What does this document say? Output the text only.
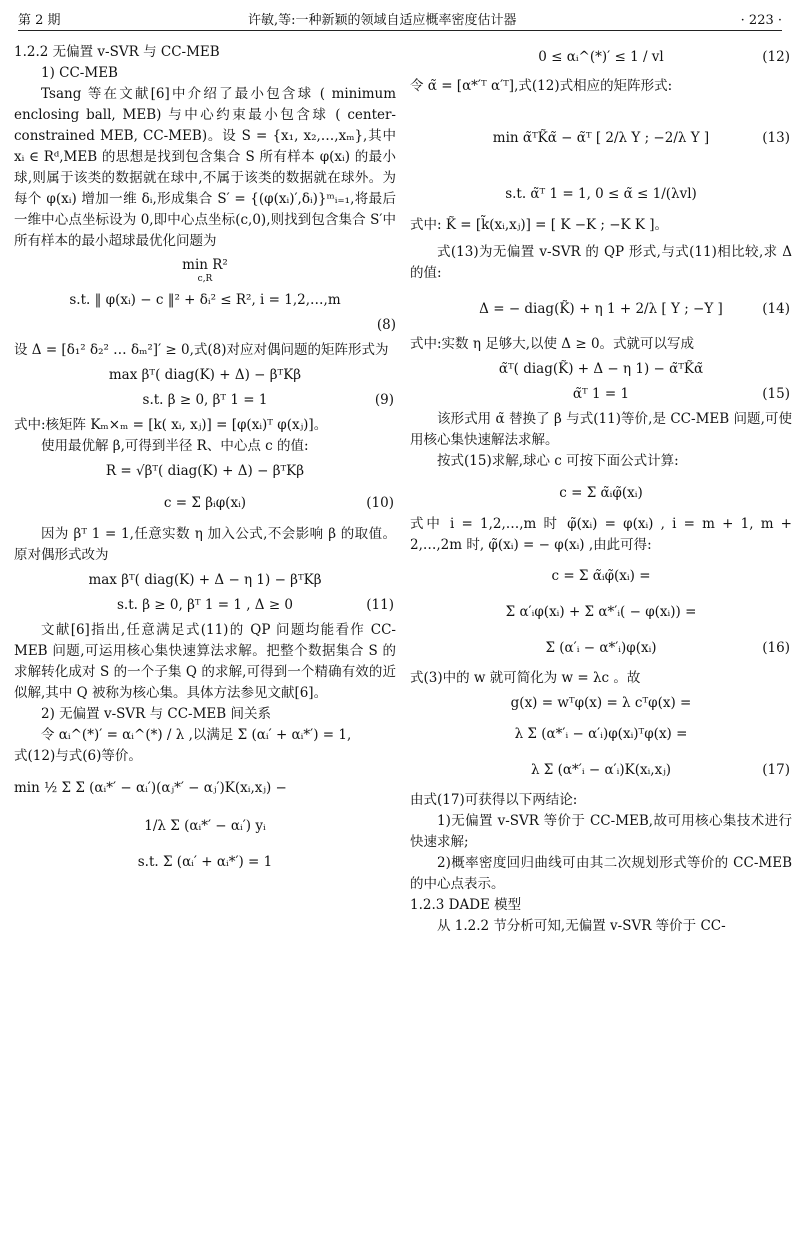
第 2 期	许敏,等:一种新颖的领域自适应概率密度估计器	· 223 ·

1.2.2 无偏置 v-SVR 与 CC-MEB

1) CC-MEB

Tsang 等在文献[6]中介绍了最小包含球 ( minimum enclosing ball, MEB) 与中心约束最小包含球 ( center-constrained MEB, CC-MEB)。设 S = {x₁, x₂,…,xₘ},其中 xᵢ ∈ Rᵈ,MEB 的思想是找到包含集合 S 所有样本 φ(xᵢ) 的最小球,则属于该类的数据就在球中,不属于该类的数据就在球外。为每个 φ(xᵢ) 增加一维 δᵢ,形成集合 S′ = {(φ(xᵢ)′,δᵢ)}ᵐᵢ₌₁,将最后一维中心点坐标设为 0,即中心点坐标(c,0),则找到包含集合 S′中所有样本的最小超球最优化问题为

min R²
c,R
s.t. ‖ φ(xᵢ) − c ‖² + δᵢ² ≤ R², i = 1,2,…,m
(8)

设 Δ = [δ₁² δ₂² … δₘ²]′ ≥ 0,式(8)对应对偶问题的矩阵形式为

max βᵀ( diag(K) + Δ) − βᵀKβ
s.t. β ≥ 0, βᵀ 1 = 1	(9)

式中:核矩阵 Kₘ×ₘ = [k( xᵢ, xⱼ)] = [φ(xᵢ)ᵀ φ(xⱼ)]。

使用最优解 β,可得到半径 R、中心点 c 的值:

R = √βᵀ( diag(K) + Δ) − βᵀKβ
c = Σ βᵢφ(xᵢ)	(10)

因为 βᵀ 1 = 1,任意实数 η 加入公式,不会影响 β 的取值。原对偶形式改为

max βᵀ( diag(K) + Δ − η 1) − βᵀKβ
s.t. β ≥ 0, βᵀ 1 = 1 , Δ ≥ 0	(11)

文献[6]指出,任意满足式(11)的 QP 问题均能看作 CC-MEB 问题,可运用核心集快速算法求解。把整个数据集合 S 的求解转化成对 S 的一个子集 Q 的求解,可得到一个精确有效的近似解,其中 Q 被称为核心集。具体方法参见文献[6]。

2) 无偏置 v-SVR 与 CC-MEB 间关系

令 αᵢ^(*)′ = αᵢ^(*) / λ ,以满足 Σ (αᵢ′ + αᵢ*′) = 1,

式(12)与式(6)等价。

min ½ Σ Σ (αᵢ*′ − αᵢ′)(αⱼ*′ − αⱼ′)K(xᵢ,xⱼ) −
1/λ Σ (αᵢ*′ − αᵢ′) yᵢ
s.t. Σ (αᵢ′ + αᵢ*′) = 1
0 ≤ αᵢ^(*)′ ≤ 1 / vl	(12)

令 α̃ = [α*′ᵀ α′ᵀ],式(12)式相应的矩阵形式:

min α̃ᵀK̃α̃ − α̃ᵀ [ 2/λ Y ; −2/λ Y ]	(13)
s.t. α̃ᵀ 1 = 1, 0 ≤ α̃ ≤ 1/(λvl)

式中: K̃ = [k̃(xᵢ,xⱼ)] = [ K −K ; −K K ]。

式(13)为无偏置 v-SVR 的 QP 形式,与式(11)相比较,求 Δ 的值:

Δ = − diag(K̃) + η 1 + 2/λ [ Y ; −Y ]	(14)

式中:实数 η 足够大,以使 Δ ≥ 0。式就可以写成

α̃ᵀ( diag(K̃) + Δ − η 1) − α̃ᵀK̃α̃
α̃ᵀ 1 = 1	(15)

该形式用 α̃ 替换了 β 与式(11)等价,是 CC-MEB 问题,可使用核心集快速解法求解。

按式(15)求解,球心 c 可按下面公式计算:

c = Σ α̃ᵢφ̃(xᵢ)

式中 i = 1,2,…,m 时 φ̃(xᵢ) = φ(xᵢ) , i = m + 1, m + 2,…,2m 时, φ̃(xᵢ) = − φ(xᵢ) ,由此可得:

c = Σ α̃ᵢφ̃(xᵢ) =
Σ α′ᵢφ(xᵢ) + Σ α*′ᵢ( − φ(xᵢ)) =
Σ (α′ᵢ − α*′ᵢ)φ(xᵢ)	(16)

式(3)中的 w 就可简化为 w = λc 。故

g(x) = wᵀφ(x) = λ cᵀφ(x) =
λ Σ (α*′ᵢ − α′ᵢ)φ(xᵢ)ᵀφ(x) =
λ Σ (α*′ᵢ − α′ᵢ)K(xᵢ,xⱼ)	(17)

由式(17)可获得以下两结论:

1)无偏置 v-SVR 等价于 CC-MEB,故可用核心集技术进行快速求解;

2)概率密度回归曲线可由其二次规划形式等价的 CC-MEB 的中心点表示。

1.2.3 DADE 模型

从 1.2.2 节分析可知,无偏置 v-SVR 等价于 CC-
